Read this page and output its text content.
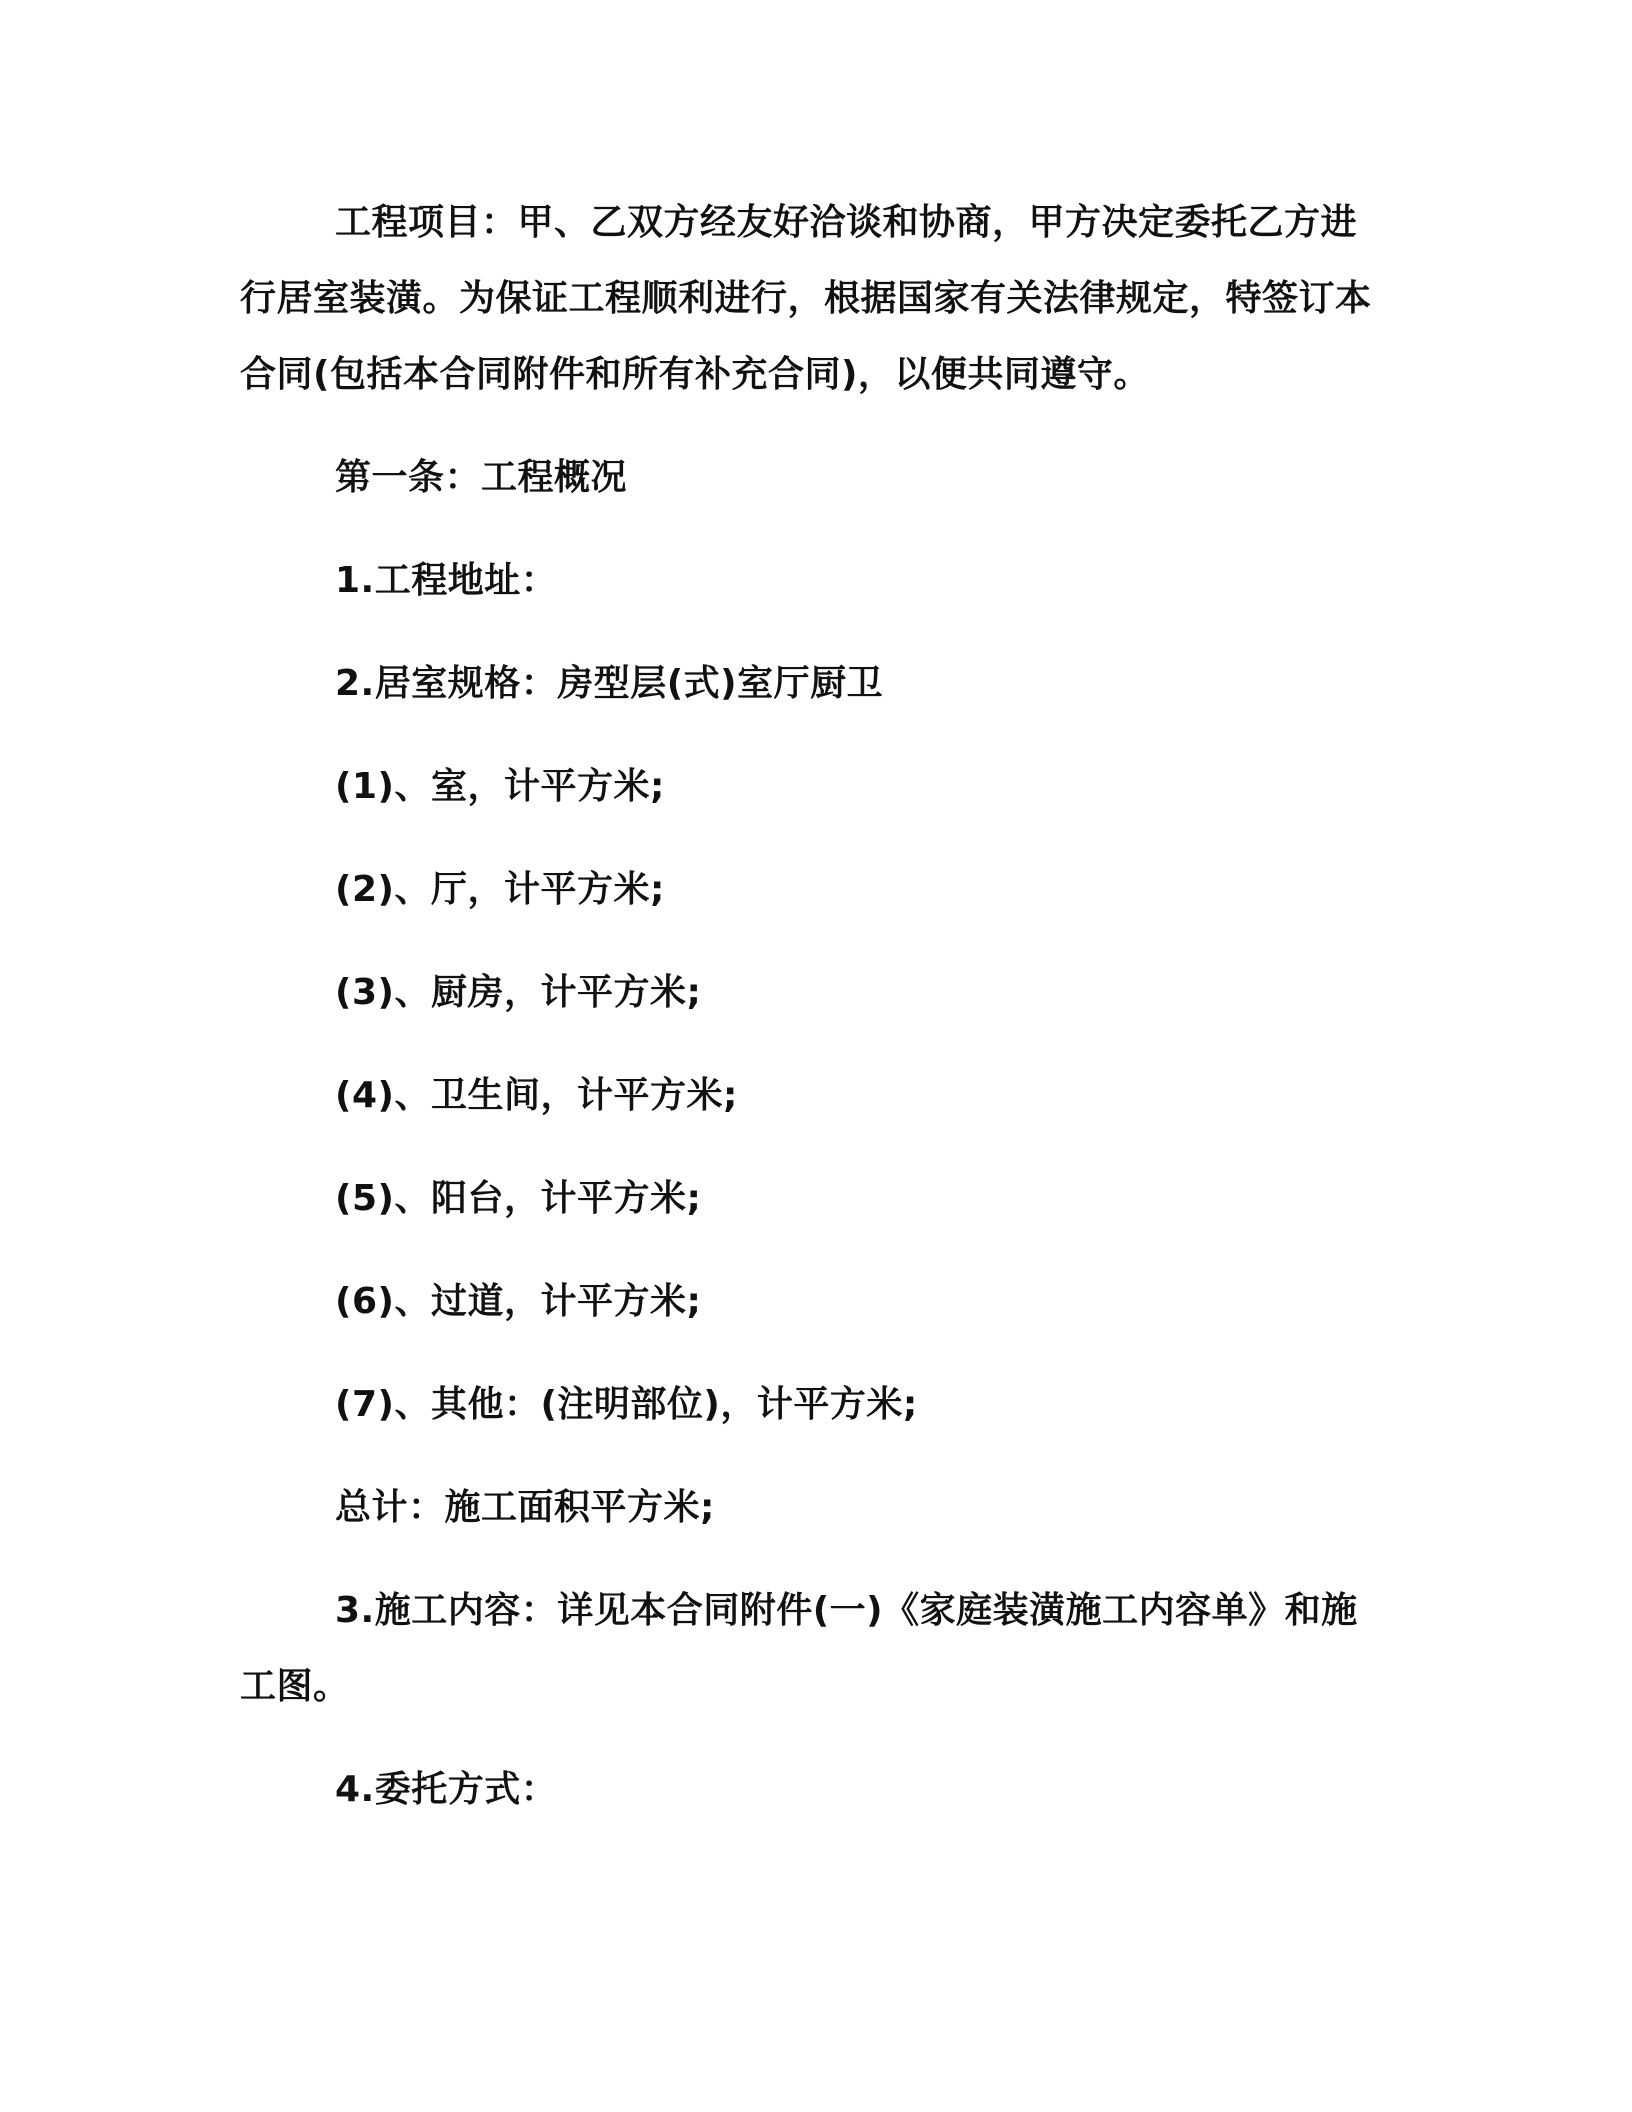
工程项目：甲、乙双方经友好洽谈和协商，甲方决定委托乙方进行居室装潢。为保证工程顺利进行，根据国家有关法律规定，特签订本合同(包括本合同附件和所有补充合同)，以便共同遵守。

第一条：工程概况

1.工程地址：

2.居室规格：房型层(式)室厅厨卫

(1)、室，计平方米;

(2)、厅，计平方米;

(3)、厨房，计平方米;

(4)、卫生间，计平方米;

(5)、阳台，计平方米;

(6)、过道，计平方米;

(7)、其他：(注明部位)，计平方米;

总计：施工面积平方米;

3.施工内容：详见本合同附件(一)《家庭装潢施工内容单》和施工图。

4.委托方式：
